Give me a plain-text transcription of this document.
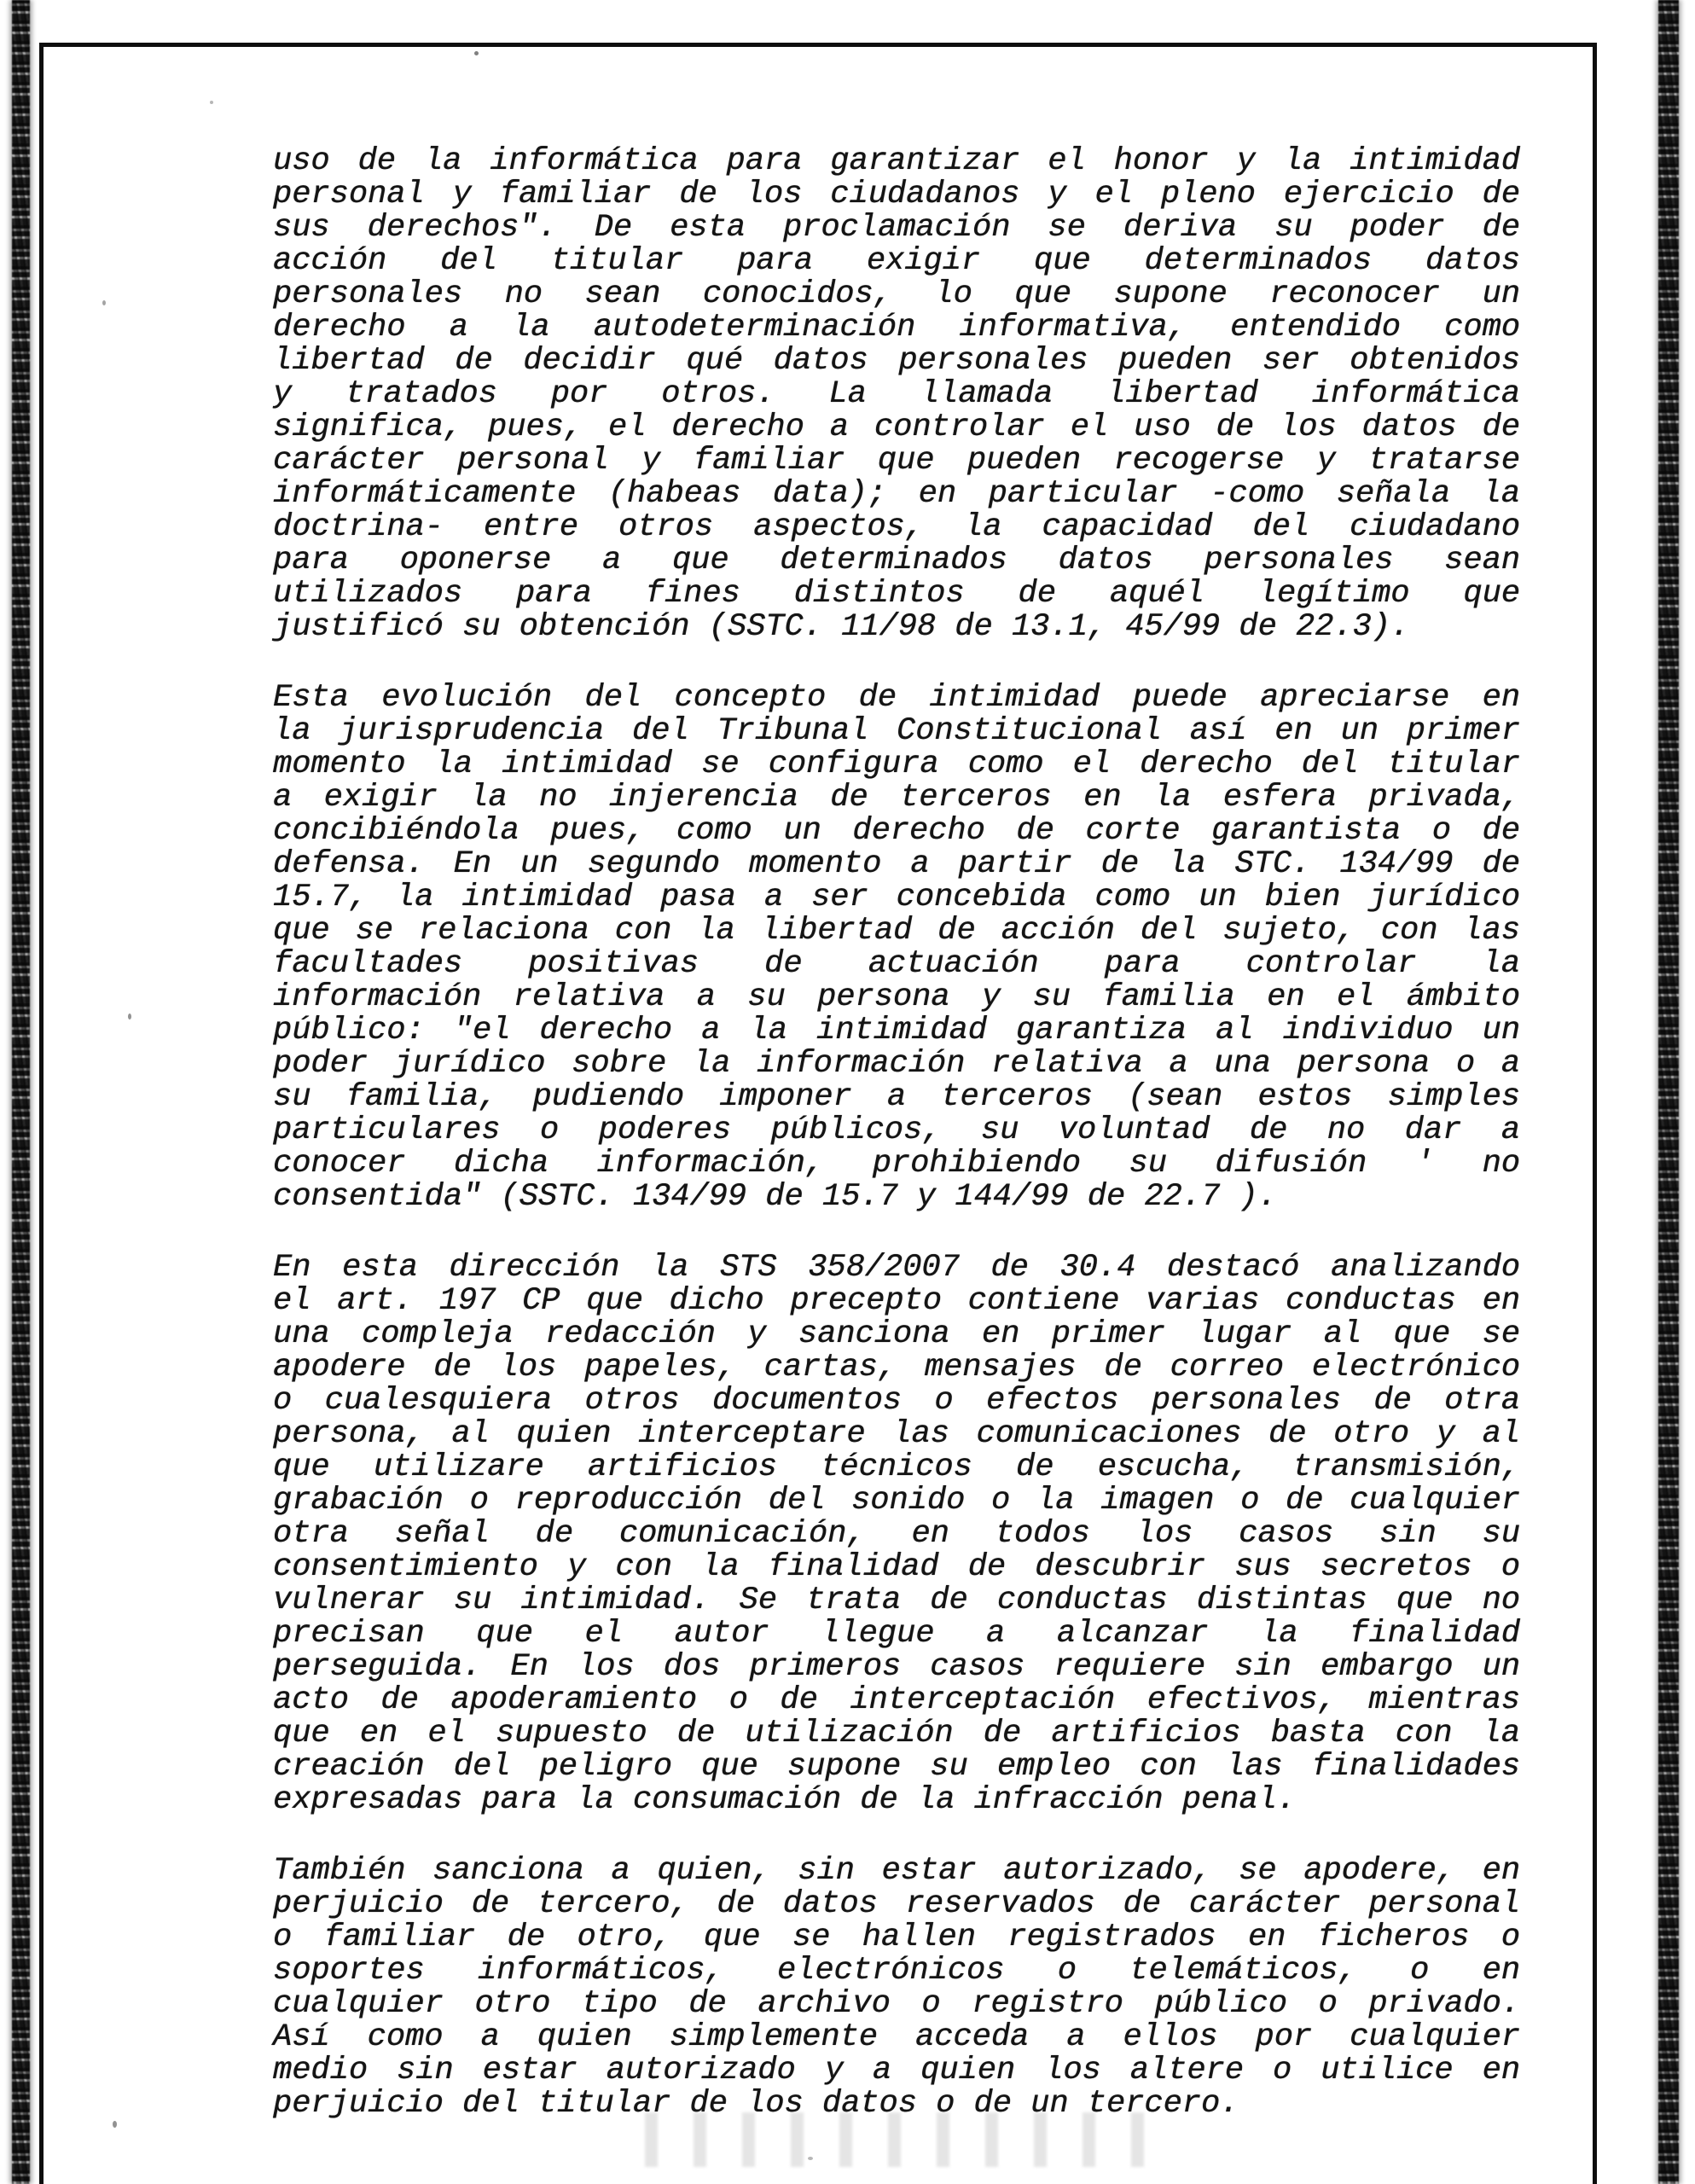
uso de la informática para garantizar el honor y la intimidad
personal y familiar de los ciudadanos y el pleno ejercicio de
sus derechos". De esta proclamación se deriva su poder de
acción del titular para exigir que determinados datos
personales no sean conocidos, lo que supone reconocer un
derecho a la autodeterminación informativa, entendido como
libertad de decidir qué datos personales pueden ser obtenidos
y tratados por otros. La llamada libertad informática
significa, pues, el derecho a controlar el uso de los datos de
carácter personal y familiar que pueden recogerse y tratarse
informáticamente (habeas data); en particular -como señala la
doctrina- entre otros aspectos, la capacidad del ciudadano
para oponerse a que determinados datos personales sean
utilizados para fines distintos de aquél legítimo que
justificó su obtención (SSTC. 11/98 de 13.1, 45/99 de 22.3).
Esta evolución del concepto de intimidad puede apreciarse en
la jurisprudencia del Tribunal Constitucional así en un primer
momento la intimidad se configura como el derecho del titular
a exigir la no injerencia de terceros en la esfera privada,
concibiéndola pues, como un derecho de corte garantista o de
defensa. En un segundo momento a partir de la STC. 134/99 de
15.7, la intimidad pasa a ser concebida como un bien jurídico
que se relaciona con la libertad de acción del sujeto, con las
facultades positivas de actuación para controlar la
información relativa a su persona y su familia en el ámbito
público: "el derecho a la intimidad garantiza al individuo un
poder jurídico sobre la información relativa a una persona o a
su familia, pudiendo imponer a terceros (sean estos simples
particulares o poderes públicos, su voluntad de no dar a
conocer dicha información, prohibiendo su difusión ' no
consentida" (SSTC. 134/99 de 15.7 y 144/99 de 22.7 ).
En esta dirección la STS 358/2007 de 30.4 destacó analizando
el art. 197 CP que dicho precepto contiene varias conductas en
una compleja redacción y sanciona en primer lugar al que se
apodere de los papeles, cartas, mensajes de correo electrónico
o cualesquiera otros documentos o efectos personales de otra
persona, al quien interceptare las comunicaciones de otro y al
que utilizare artificios técnicos de escucha, transmisión,
grabación o reproducción del sonido o la imagen o de cualquier
otra señal de comunicación, en todos los casos sin su
consentimiento y con la finalidad de descubrir sus secretos o
vulnerar su intimidad. Se trata de conductas distintas que no
precisan que el autor llegue a alcanzar la finalidad
perseguida. En los dos primeros casos requiere sin embargo un
acto de apoderamiento o de interceptación efectivos, mientras
que en el supuesto de utilización de artificios basta con la
creación del peligro que supone su empleo con las finalidades
expresadas para la consumación de la infracción penal.
También sanciona a quien, sin estar autorizado, se apodere, en
perjuicio de tercero, de datos reservados de carácter personal
o familiar de otro, que se hallen registrados en ficheros o
soportes informáticos, electrónicos o telemáticos, o en
cualquier otro tipo de archivo o registro público o privado.
Así como a quien simplemente acceda a ellos por cualquier
medio sin estar autorizado y a quien los altere o utilice en
perjuicio del titular de los datos o de un tercero.
